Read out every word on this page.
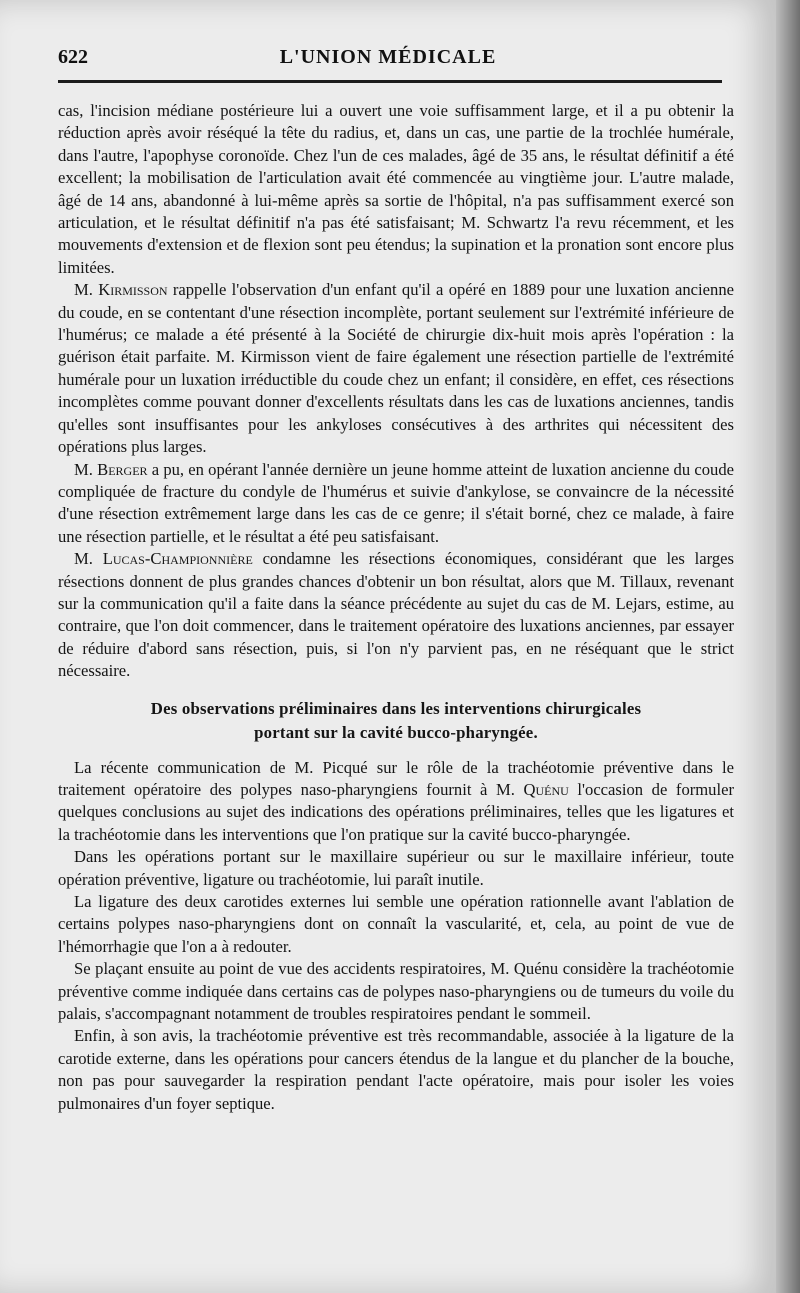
622	L'UNION MÉDICALE

cas, l'incision médiane postérieure lui a ouvert une voie suffisamment large, et il a pu obtenir la réduction après avoir réséqué la tête du radius, et, dans un cas, une partie de la trochlée humérale, dans l'autre, l'apophyse coronoïde. Chez l'un de ces malades, âgé de 35 ans, le résultat définitif a été excellent; la mobilisation de l'articulation avait été commencée au vingtième jour. L'autre malade, âgé de 14 ans, abandonné à lui-même après sa sortie de l'hôpital, n'a pas suffisamment exercé son articulation, et le résultat définitif n'a pas été satisfaisant; M. Schwartz l'a revu récemment, et les mouvements d'extension et de flexion sont peu étendus; la supination et la pronation sont encore plus limitées.

M. Kirmisson rappelle l'observation d'un enfant qu'il a opéré en 1889 pour une luxation ancienne du coude, en se contentant d'une résection incomplète, portant seulement sur l'extrémité inférieure de l'humérus; ce malade a été présenté à la Société de chirurgie dix-huit mois après l'opération : la guérison était parfaite. M. Kirmisson vient de faire également une résection partielle de l'extrémité humérale pour un luxation irréductible du coude chez un enfant; il considère, en effet, ces résections incomplètes comme pouvant donner d'excellents résultats dans les cas de luxations anciennes, tandis qu'elles sont insuffisantes pour les ankyloses consécutives à des arthrites qui nécessitent des opérations plus larges.

M. Berger a pu, en opérant l'année dernière un jeune homme atteint de luxation ancienne du coude compliquée de fracture du condyle de l'humérus et suivie d'ankylose, se convaincre de la nécessité d'une résection extrêmement large dans les cas de ce genre; il s'était borné, chez ce malade, à faire une résection partielle, et le résultat a été peu satisfaisant.

M. Lucas-Championnière condamne les résections économiques, considérant que les larges résections donnent de plus grandes chances d'obtenir un bon résultat, alors que M. Tillaux, revenant sur la communication qu'il a faite dans la séance précédente au sujet du cas de M. Lejars, estime, au contraire, que l'on doit commencer, dans le traitement opératoire des luxations anciennes, par essayer de réduire d'abord sans résection, puis, si l'on n'y parvient pas, en ne réséquant que le strict nécessaire.

Des observations préliminaires dans les interventions chirurgicales
portant sur la cavité bucco-pharyngée.

La récente communication de M. Picqué sur le rôle de la trachéotomie préventive dans le traitement opératoire des polypes naso-pharyngiens fournit à M. Quénu l'occasion de formuler quelques conclusions au sujet des indications des opérations préliminaires, telles que les ligatures et la trachéotomie dans les interventions que l'on pratique sur la cavité bucco-pharyngée.

Dans les opérations portant sur le maxillaire supérieur ou sur le maxillaire inférieur, toute opération préventive, ligature ou trachéotomie, lui paraît inutile.

La ligature des deux carotides externes lui semble une opération rationnelle avant l'ablation de certains polypes naso-pharyngiens dont on connaît la vascularité, et, cela, au point de vue de l'hémorrhagie que l'on a à redouter.

Se plaçant ensuite au point de vue des accidents respiratoires, M. Quénu considère la trachéotomie préventive comme indiquée dans certains cas de polypes naso-pharyngiens ou de tumeurs du voile du palais, s'accompagnant notamment de troubles respiratoires pendant le sommeil.

Enfin, à son avis, la trachéotomie préventive est très recommandable, associée à la ligature de la carotide externe, dans les opérations pour cancers étendus de la langue et du plancher de la bouche, non pas pour sauvegarder la respiration pendant l'acte opératoire, mais pour isoler les voies pulmonaires d'un foyer septique.
